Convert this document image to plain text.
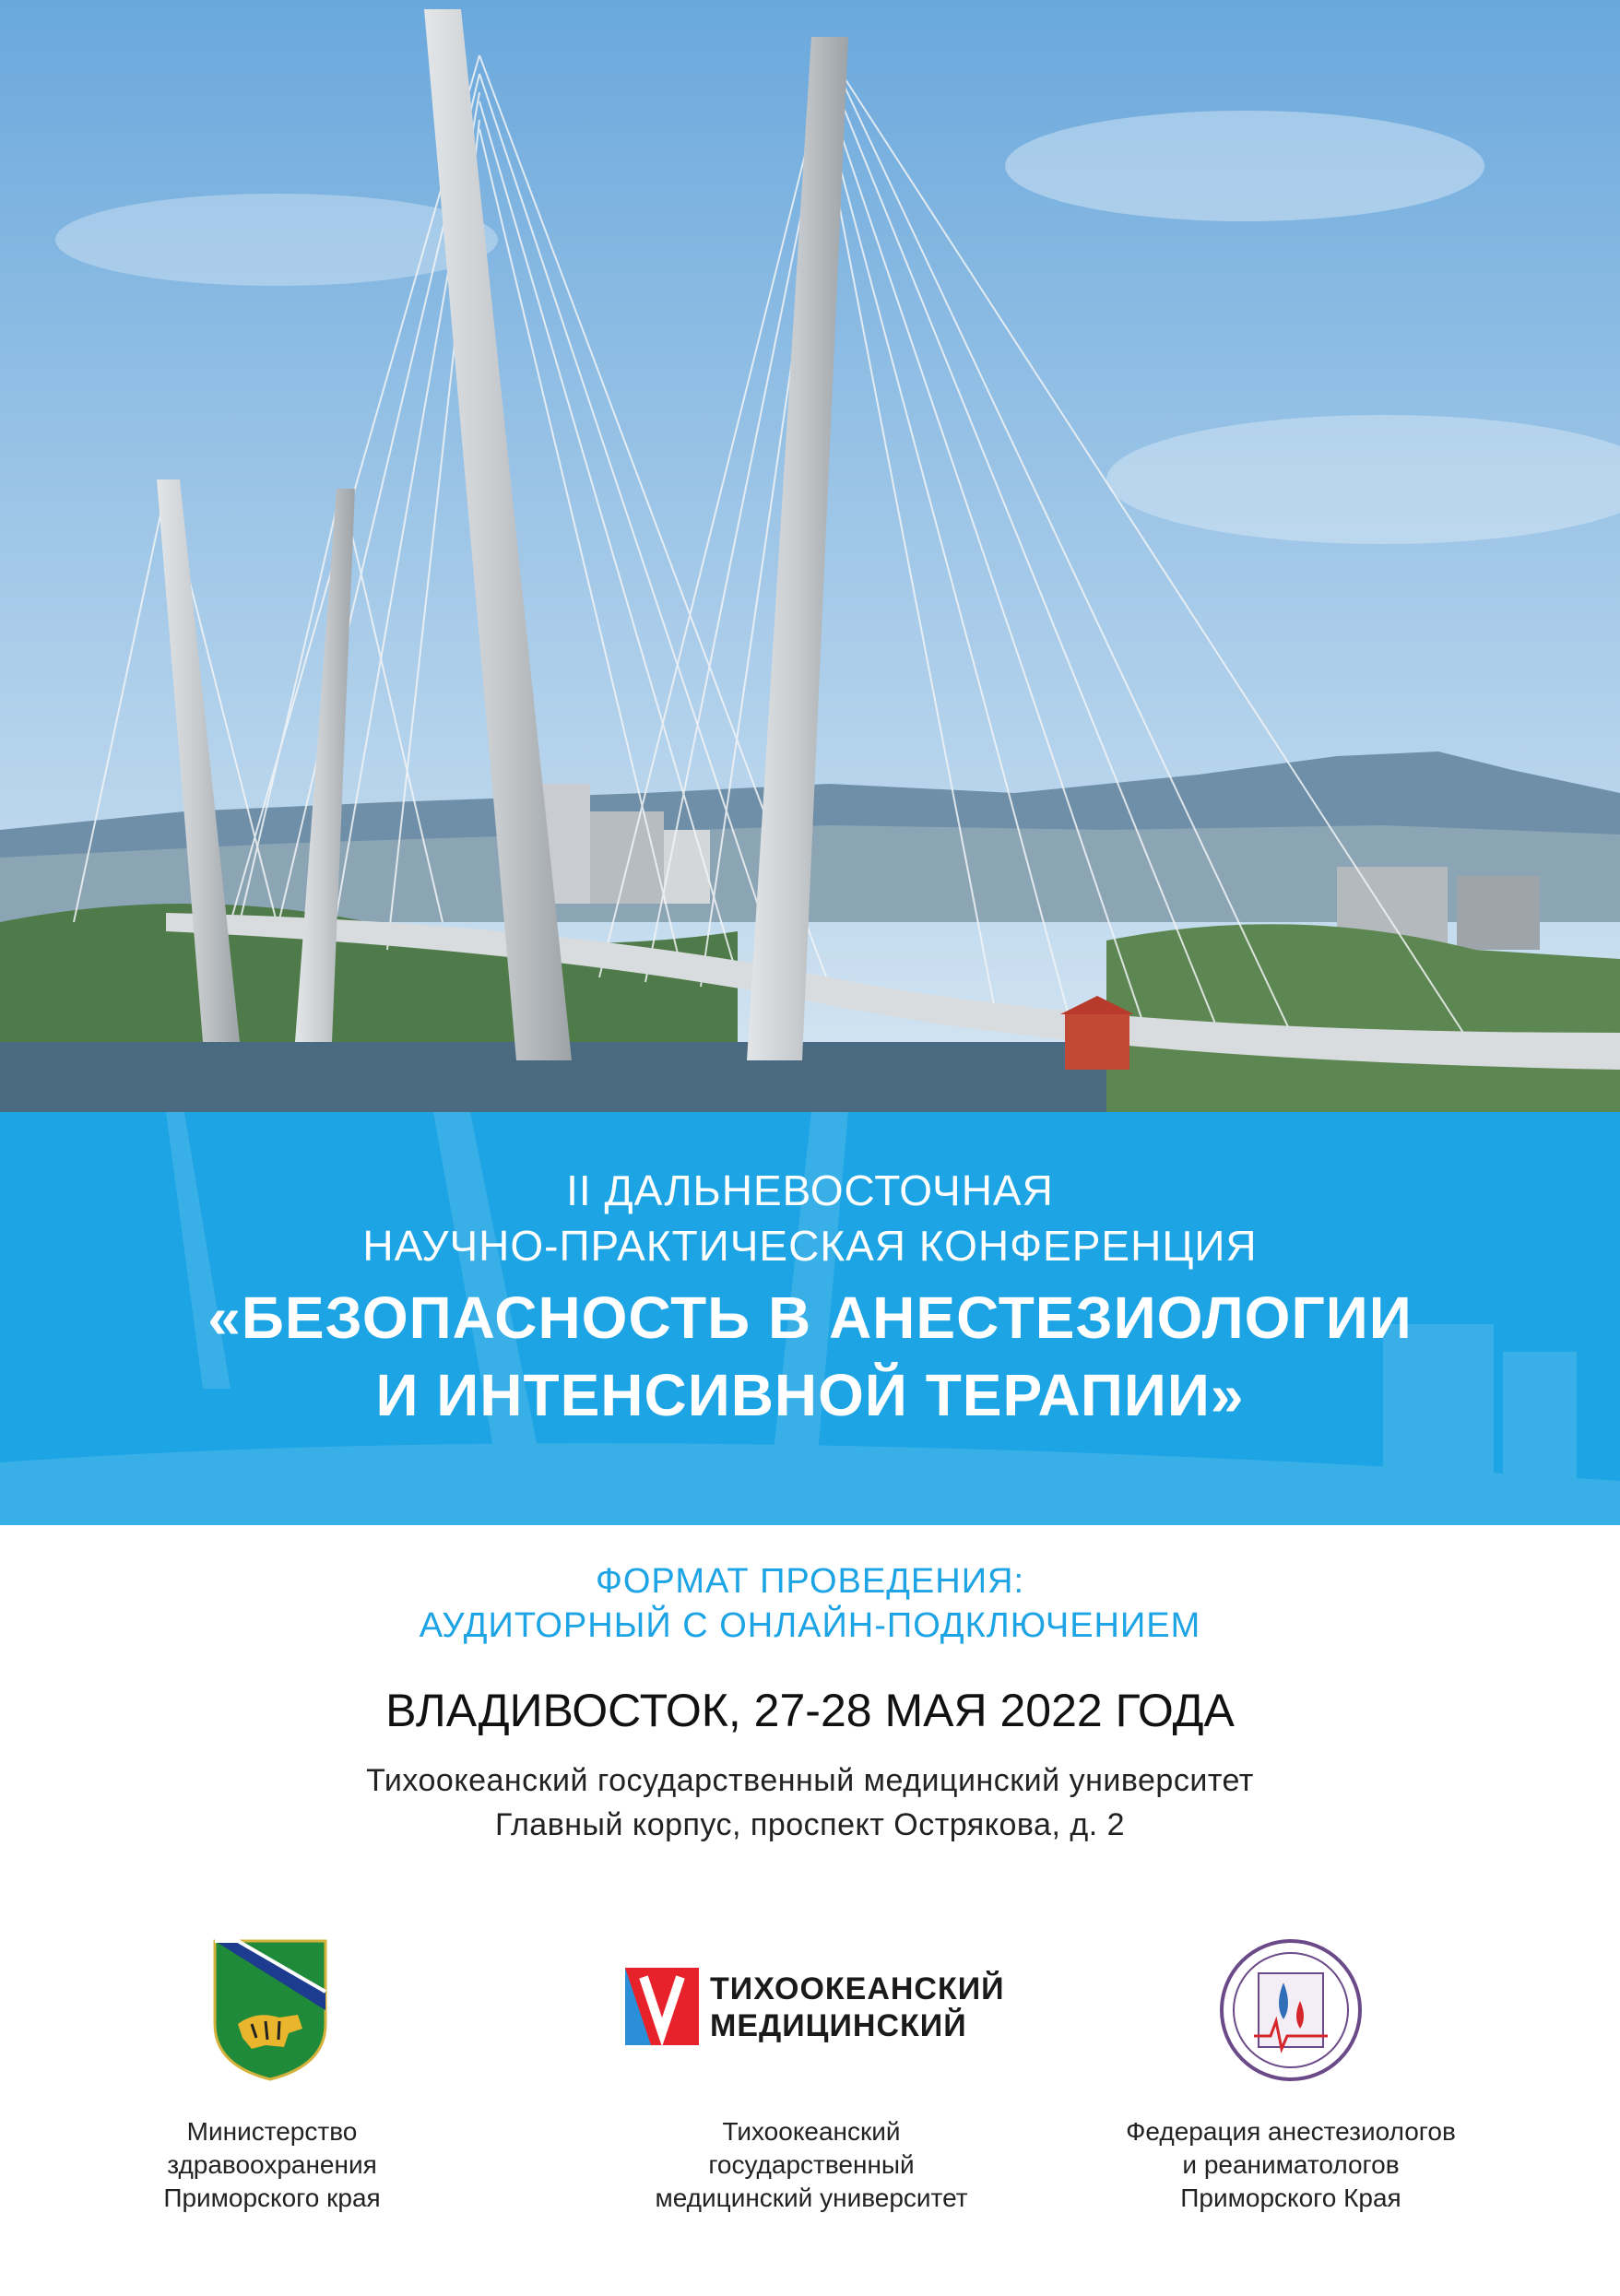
II ДАЛЬНЕВОСТОЧНАЯ
НАУЧНО-ПРАКТИЧЕСКАЯ КОНФЕРЕНЦИЯ
«БЕЗОПАСНОСТЬ В АНЕСТЕЗИОЛОГИИ
И ИНТЕНСИВНОЙ ТЕРАПИИ»
ФОРМАТ ПРОВЕДЕНИЯ:
АУДИТОРНЫЙ С ОНЛАЙН-ПОДКЛЮЧЕНИЕМ
ВЛАДИВОСТОК, 27-28 МАЯ 2022 ГОДА
Тихоокеанский государственный медицинский университет
Главный корпус, проспект Острякова, д. 2
Министерство
здравоохранения
Приморского края
ТИХООКЕАНСКИЙ
МЕДИЦИНСКИЙ
Тихоокеанский
государственный
медицинский университет
Федерация анестезиологов
и реаниматологов
Приморского Края
